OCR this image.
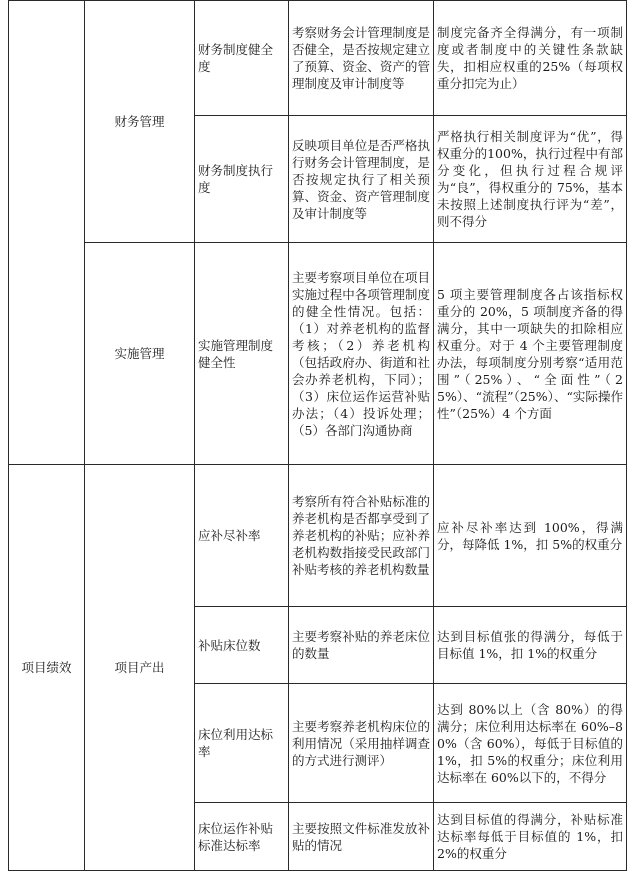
	财务管理	财务制度健全度	考察财务会计管理制度是否健全，是否按规定建立了预算、资金、资产的管理制度及审计制度等	制度完备齐全得满分，有一项制度或者制度中的关键性条款缺失，扣相应权重的25%（每项权重分扣完为止）
		财务制度执行度	反映项目单位是否严格执行财务会计管理制度，是否按规定执行了相关预算、资金、资产管理制度及审计制度等	严格执行相关制度评为“优”，得权重分的100%，执行过程中有部分变化，但执行过程合规评为“良”，得权重分的 75%，基本未按照上述制度执行评为“差”，则不得分
	实施管理	实施管理制度健全性	主要考察项目单位在项目实施过程中各项管理制度的健全性情况。包括：（1）对养老机构的监督考核；（2）养老机构（包括政府办、街道和社会办养老机构，下同）；（3）床位运作运营补贴办法；（4）投诉处理；（5）各部门沟通协商	5 项主要管理制度各占该指标权重分的 20%，5 项制度齐备的得满分，其中一项缺失的扣除相应权重分。对于 4 个主要管理制度办法，每项制度分别考察“适用范围”（25%）、“全面性”（25%）、“流程”（25%）、“实际操作性”（25%）4 个方面
项目绩效	项目产出	应补尽补率	考察所有符合补贴标准的养老机构是否都享受到了养老机构的补贴；应补养老机构数指接受民政部门补贴考核的养老机构数量	应补尽补率达到 100%，得满分，每降低 1%，扣 5%的权重分
		补贴床位数	主要考察补贴的养老床位的数量	达到目标值张的得满分，每低于目标值 1%，扣 1%的权重分
		床位利用达标率	主要考察养老机构床位的利用情况（采用抽样调查的方式进行测评）	达到 80%以上（含 80%）的得满分；床位利用达标率在 60%–80%（含 60%），每低于目标值的 1%，扣 5%的权重分；床位利用达标率在 60%以下的，不得分
		床位运作补贴标准达标率	主要按照文件标准发放补贴的情况	达到目标值的得满分，补贴标准达标率每低于目标值的 1%，扣 2%的权重分
